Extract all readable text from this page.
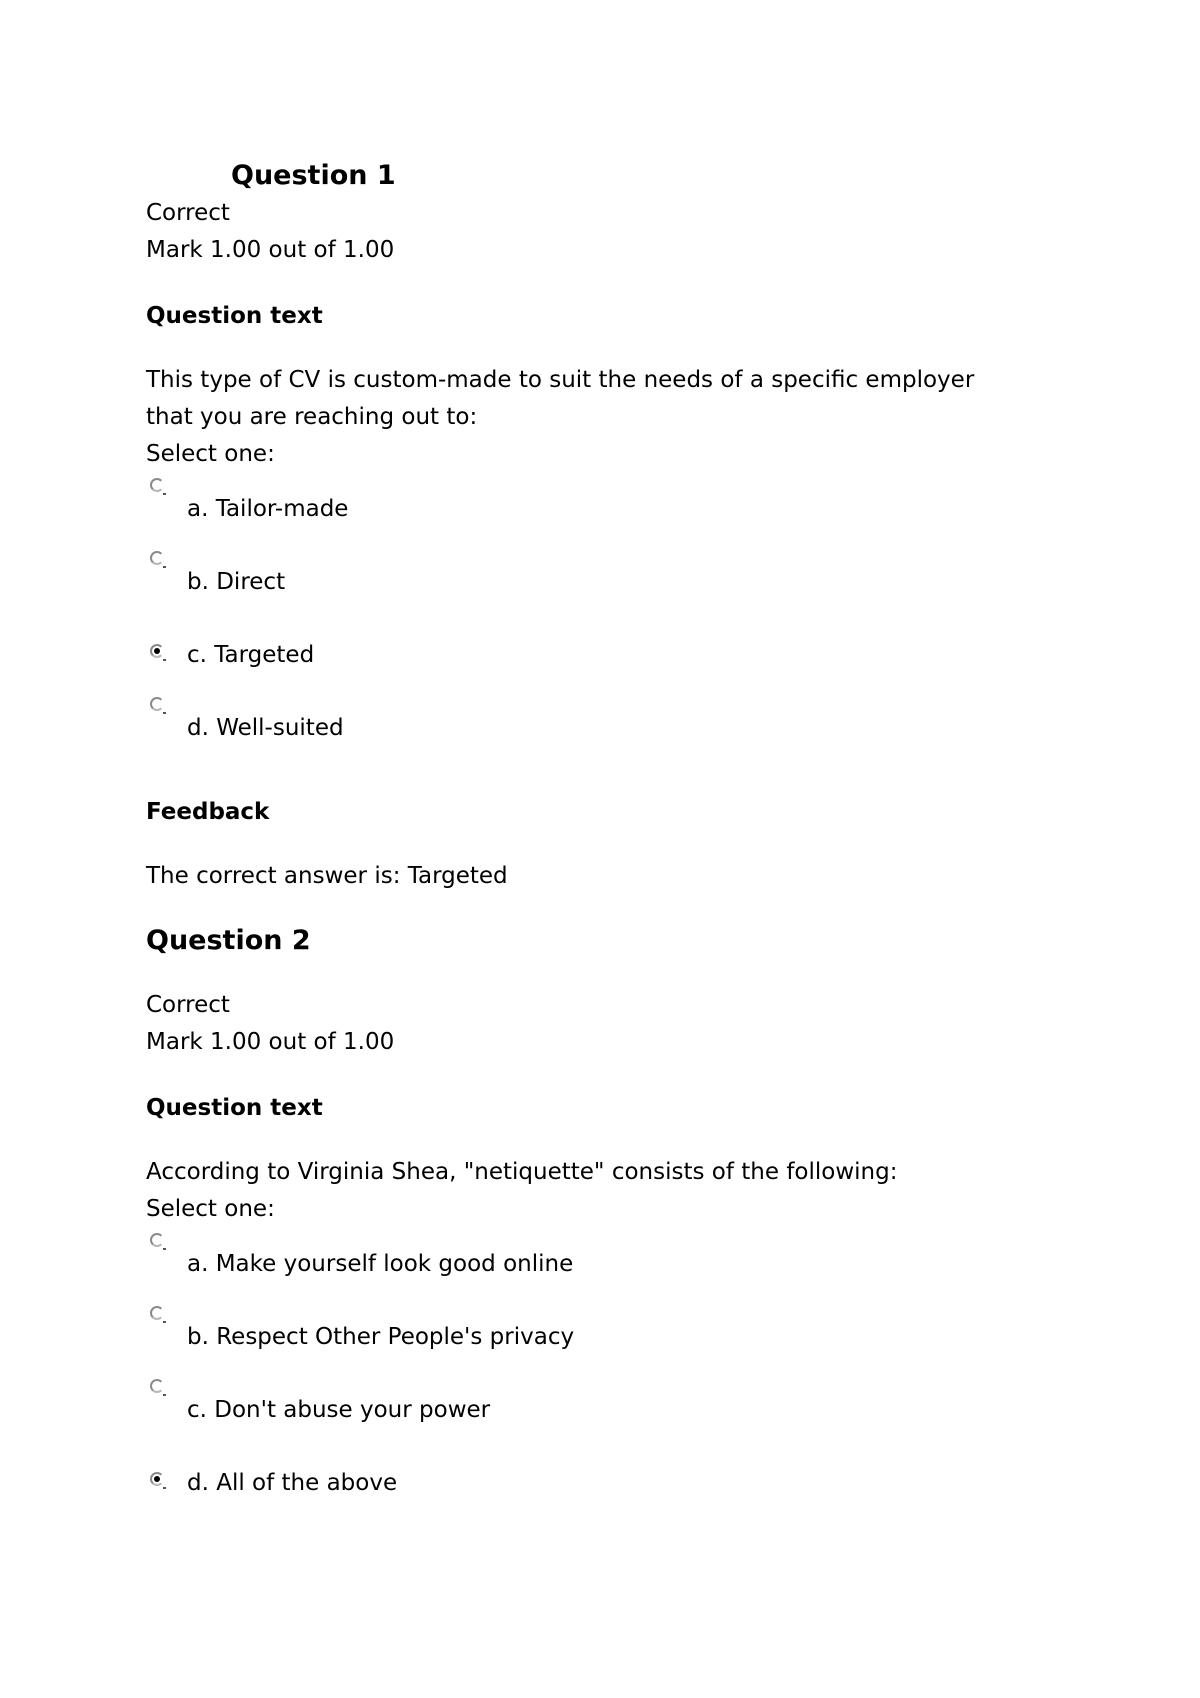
Question 1
Correct
Mark 1.00 out of 1.00
Question text
This type of CV is custom-made to suit the needs of a specific employer
that you are reaching out to:
Select one:
a. Tailor-made
b. Direct
c. Targeted
d. Well-suited
Feedback
The correct answer is: Targeted
Question 2
Correct
Mark 1.00 out of 1.00
Question text
According to Virginia Shea, "netiquette" consists of the following:
Select one:
a. Make yourself look good online
b. Respect Other People's privacy
c. Don't abuse your power
d. All of the above
